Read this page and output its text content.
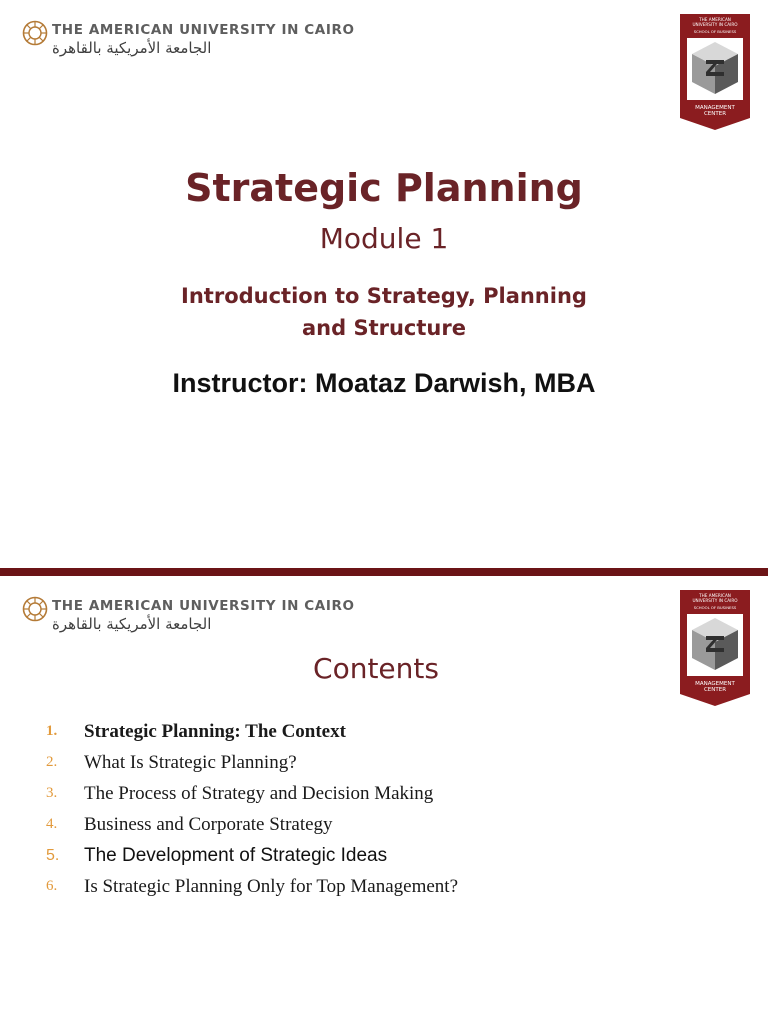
THE AMERICAN UNIVERSITY IN CAIRO
الجامعة الأمريكية بالقاهرة
THE AMERICAN
UNIVERSITY IN CAIRO
SCHOOL OF BUSINESS
MANAGEMENT
CENTER
Strategic Planning
Module 1
Introduction to Strategy, Planning
and Structure
Instructor: Moataz Darwish, MBA
THE AMERICAN UNIVERSITY IN CAIRO
الجامعة الأمريكية بالقاهرة
THE AMERICAN
UNIVERSITY IN CAIRO
SCHOOL OF BUSINESS
MANAGEMENT
CENTER
Contents
1.	Strategic Planning: The Context
2.	What Is Strategic Planning?
3.	The Process of Strategy and Decision Making
4.	Business and Corporate Strategy
5.	The Development of Strategic Ideas
6.	Is Strategic Planning Only for Top Management?
